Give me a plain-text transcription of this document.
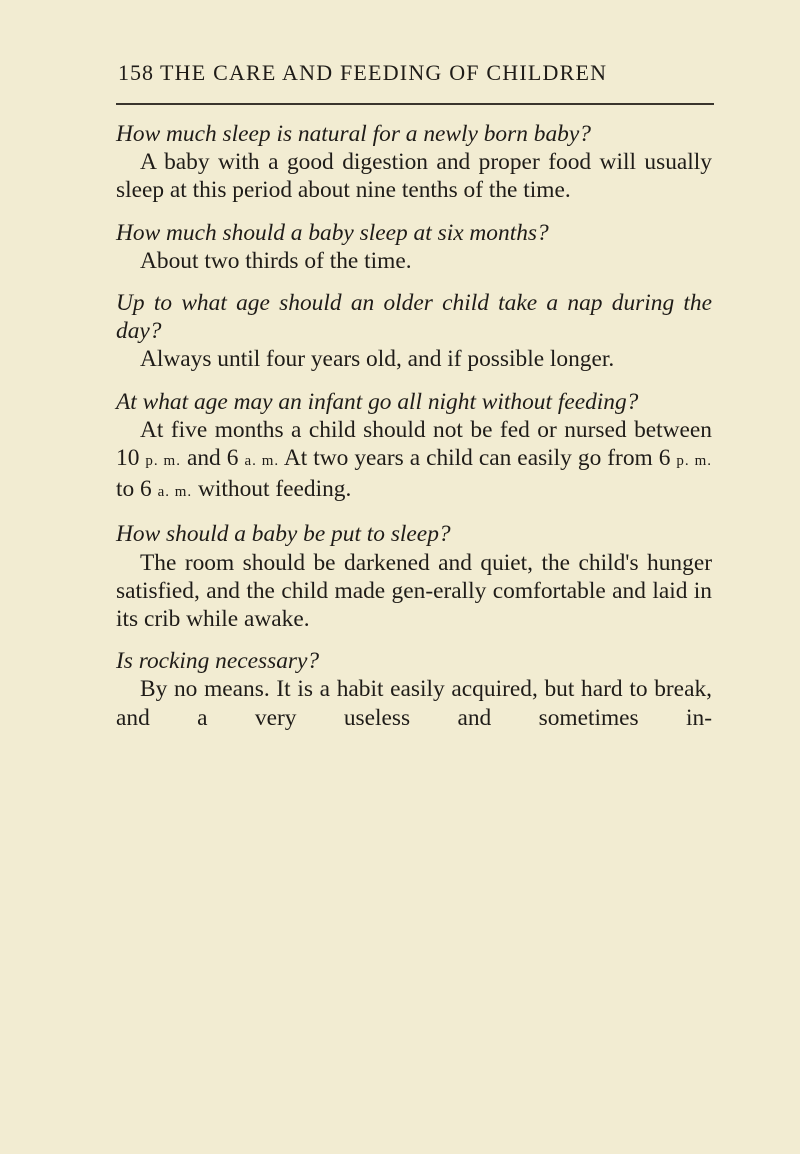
158 THE CARE AND FEEDING OF CHILDREN

How much sleep is natural for a newly born baby?

A baby with a good digestion and proper food will usually sleep at this period about nine tenths of the time.

How much should a baby sleep at six months?

About two thirds of the time.

Up to what age should an older child take a nap during the day?

Always until four years old, and if possible longer.

At what age may an infant go all night without feeding?

At five months a child should not be fed or nursed between 10 p. m. and 6 a. m. At two years a child can easily go from 6 p. m. to 6 a. m. without feeding.

How should a baby be put to sleep?

The room should be darkened and quiet, the child's hunger satisfied, and the child made gen-erally comfortable and laid in its crib while awake.

Is rocking necessary?

By no means. It is a habit easily acquired, but hard to break, and a very useless and sometimes in-
